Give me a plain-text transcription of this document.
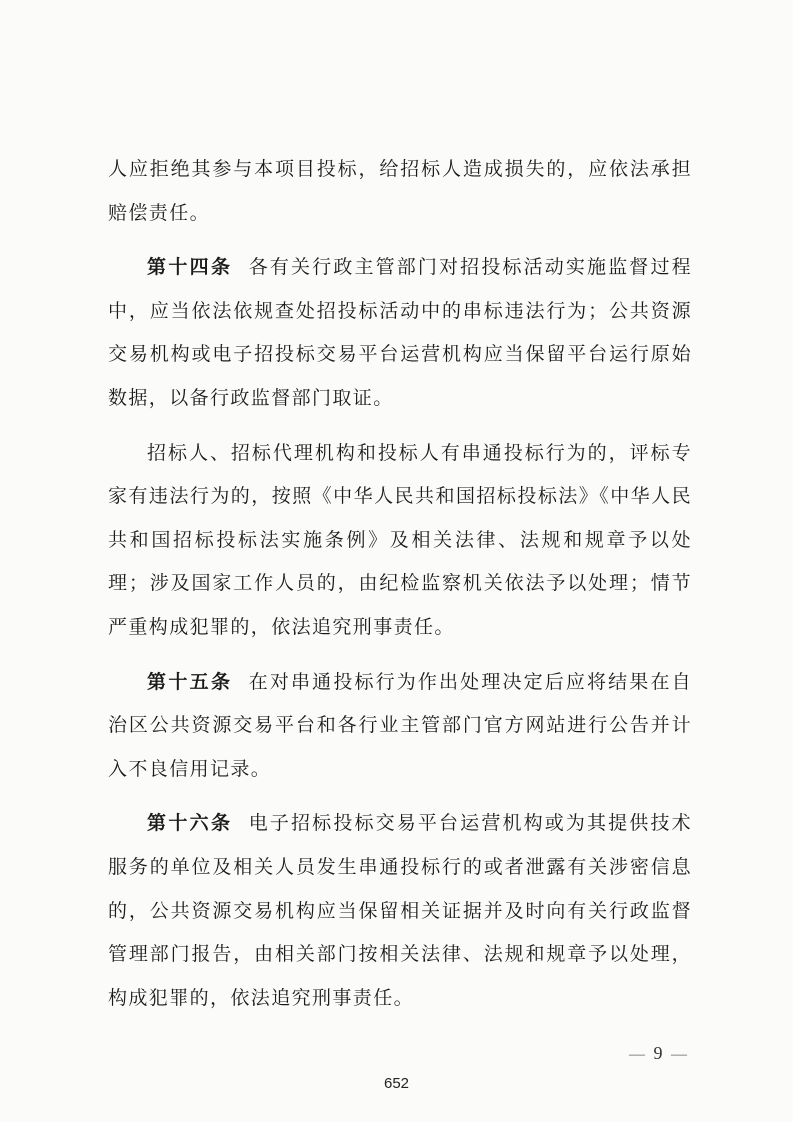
人应拒绝其参与本项目投标，给招标人造成损失的，应依法承担赔偿责任。

第十四条 各有关行政主管部门对招投标活动实施监督过程中，应当依法依规查处招投标活动中的串标违法行为；公共资源交易机构或电子招投标交易平台运营机构应当保留平台运行原始数据，以备行政监督部门取证。

招标人、招标代理机构和投标人有串通投标行为的，评标专家有违法行为的，按照《中华人民共和国招标投标法》《中华人民共和国招标投标法实施条例》及相关法律、法规和规章予以处理；涉及国家工作人员的，由纪检监察机关依法予以处理；情节严重构成犯罪的，依法追究刑事责任。

第十五条 在对串通投标行为作出处理决定后应将结果在自治区公共资源交易平台和各行业主管部门官方网站进行公告并计入不良信用记录。

第十六条 电子招标投标交易平台运营机构或为其提供技术服务的单位及相关人员发生串通投标行的或者泄露有关涉密信息的，公共资源交易机构应当保留相关证据并及时向有关行政监督管理部门报告，由相关部门按相关法律、法规和规章予以处理，构成犯罪的，依法追究刑事责任。

— 9 —
652
